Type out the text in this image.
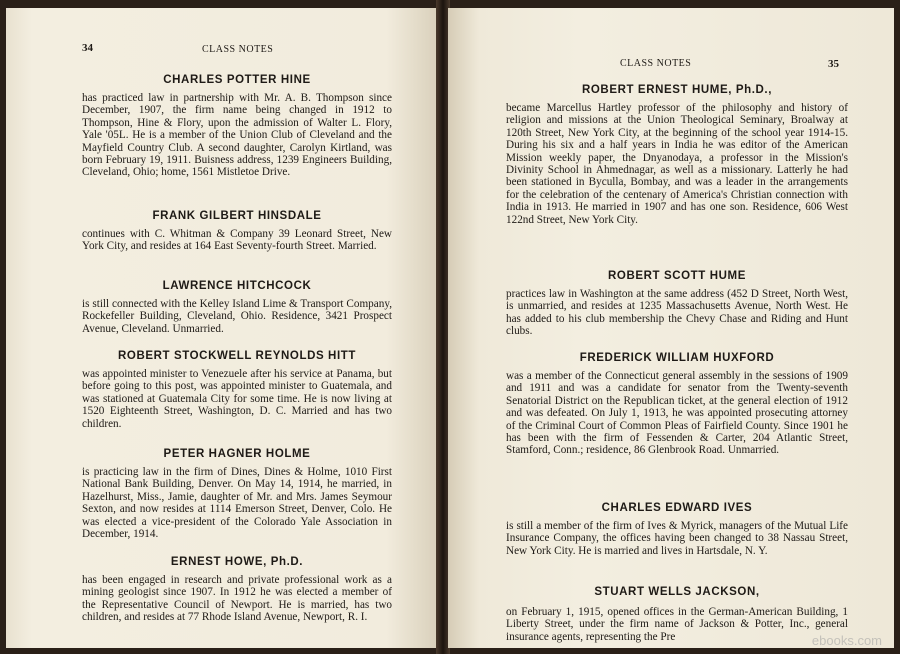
34	CLASS NOTES
CHARLES POTTER HINE
has practiced law in partnership with Mr. A. B. Thompson since December, 1907, the firm name being changed in 1912 to Thompson, Hine & Flory, upon the admission of Walter L. Flory, Yale '05L. He is a member of the Union Club of Cleveland and the Mayfield Country Club. A second daughter, Carolyn Kirtland, was born February 19, 1911. Buisness address, 1239 Engineers Building, Cleveland, Ohio; home, 1561 Mistletoe Drive.
FRANK GILBERT HINSDALE
continues with C. Whitman & Company 39 Leonard Street, New York City, and resides at 164 East Seventy-fourth Street. Married.
LAWRENCE HITCHCOCK
is still connected with the Kelley Island Lime & Transport Company, Rockefeller Building, Cleveland, Ohio. Residence, 3421 Prospect Avenue, Cleveland. Unmarried.
ROBERT STOCKWELL REYNOLDS HITT
was appointed minister to Venezuele after his service at Panama, but before going to this post, was appointed minister to Guatemala, and was stationed at Guatemala City for some time. He is now living at 1520 Eighteenth Street, Washington, D. C. Married and has two children.
PETER HAGNER HOLME
is practicing law in the firm of Dines, Dines & Holme, 1010 First National Bank Building, Denver. On May 14, 1914, he married, in Hazelhurst, Miss., Jamie, daughter of Mr. and Mrs. James Seymour Sexton, and now resides at 1114 Emerson Street, Denver, Colo. He was elected a vice-president of the Colorado Yale Association in December, 1914.
ERNEST HOWE, Ph.D.
has been engaged in research and private professional work as a mining geologist since 1907. In 1912 he was elected a member of the Representative Council of Newport. He is married, has two children, and resides at 77 Rhode Island Avenue, Newport, R. I.
CLASS NOTES	35
ROBERT ERNEST HUME, Ph.D.,
became Marcellus Hartley professor of the philosophy and history of religion and missions at the Union Theological Seminary, Broalway at 120th Street, New York City, at the beginning of the school year 1914-15. During his six and a half years in India he was editor of the American Mission weekly paper, the Dnyanodaya, a professor in the Mission's Divinity School in Ahmednagar, as well as a missionary. Latterly he had been stationed in Byculla, Bombay, and was a leader in the arrangements for the celebration of the centenary of America's Christian connection with India in 1913. He married in 1907 and has one son. Residence, 606 West 122nd Street, New York City.
ROBERT SCOTT HUME
practices law in Washington at the same address (452 D Street, North West, is unmarried, and resides at 1235 Massachusetts Avenue, North West. He has added to his club membership the Chevy Chase and Riding and Hunt clubs.
FREDERICK WILLIAM HUXFORD
was a member of the Connecticut general assembly in the sessions of 1909 and 1911 and was a candidate for senator from the Twenty-seventh Senatorial District on the Republican ticket, at the general election of 1912 and was defeated. On July 1, 1913, he was appointed prosecuting attorney of the Criminal Court of Common Pleas of Fairfield County. Since 1901 he has been with the firm of Fessenden & Carter, 204 Atlantic Street, Stamford, Conn.; residence, 86 Glenbrook Road. Unmarried.
CHARLES EDWARD IVES
is still a member of the firm of Ives & Myrick, managers of the Mutual Life Insurance Company, the offices having been changed to 38 Nassau Street, New York City. He is married and lives in Hartsdale, N. Y.
STUART WELLS JACKSON,
on February 1, 1915, opened offices in the German-American Building, 1 Liberty Street, under the firm name of Jackson & Potter, Inc., general insurance agents, representing the Pre	ebooks.com
